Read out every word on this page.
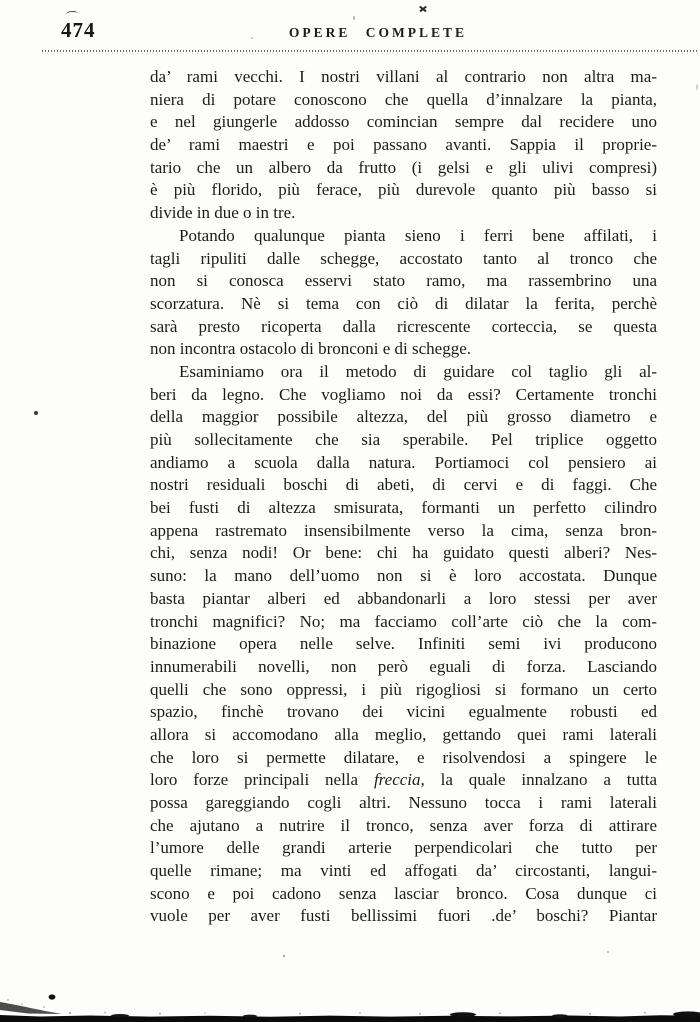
474	OPERE COMPLETE
da’ rami vecchi. I nostri villani al contrario non altra ma-
niera di potare conoscono che quella d’innalzare la pianta,
e nel giungerle addosso comincian sempre dal recidere uno
de’ rami maestri e poi passano avanti. Sappia il proprie-
tario che un albero da frutto (i gelsi e gli ulivi compresi)
è più florido, più ferace, più durevole quanto più basso si
divide in due o in tre.
Potando qualunque pianta sieno i ferri bene affilati, i
tagli ripuliti dalle schegge, accostato tanto al tronco che
non si conosca esservi stato ramo, ma rassembrino una
scorzatura. Nè si tema con ciò di dilatar la ferita, perchè
sarà presto ricoperta dalla ricrescente corteccia, se questa
non incontra ostacolo di bronconi e di schegge.
Esaminiamo ora il metodo di guidare col taglio gli al-
beri da legno. Che vogliamo noi da essi? Certamente tronchi
della maggior possibile altezza, del più grosso diametro e
più sollecitamente che sia sperabile. Pel triplice oggetto
andiamo a scuola dalla natura. Portiamoci col pensiero ai
nostri residuali boschi di abeti, di cervi e di faggi. Che
bei fusti di altezza smisurata, formanti un perfetto cilindro
appena rastremato insensibilmente verso la cima, senza bron-
chi, senza nodi! Or bene: chi ha guidato questi alberi? Nes-
suno: la mano dell’uomo non si è loro accostata. Dunque
basta piantar alberi ed abbandonarli a loro stessi per aver
tronchi magnifici? No; ma facciamo coll’arte ciò che la com-
binazione opera nelle selve. Infiniti semi ivi producono
innumerabili novelli, non però eguali di forza. Lasciando
quelli che sono oppressi, i più rigogliosi si formano un certo
spazio, finchè trovano dei vicini egualmente robusti ed
allora si accomodano alla meglio, gettando quei rami laterali
che loro si permette dilatare, e risolvendosi a spingere le
loro forze principali nella freccia, la quale innalzano a tutta
possa gareggiando cogli altri. Nessuno tocca i rami laterali
che ajutano a nutrire il tronco, senza aver forza di attirare
l’umore delle grandi arterie perpendicolari che tutto per
quelle rimane; ma vinti ed affogati da’ circostanti, langui-
scono e poi cadono senza lasciar bronco. Cosa dunque ci
vuole per aver fusti bellissimi fuori .de’ boschi? Piantar
